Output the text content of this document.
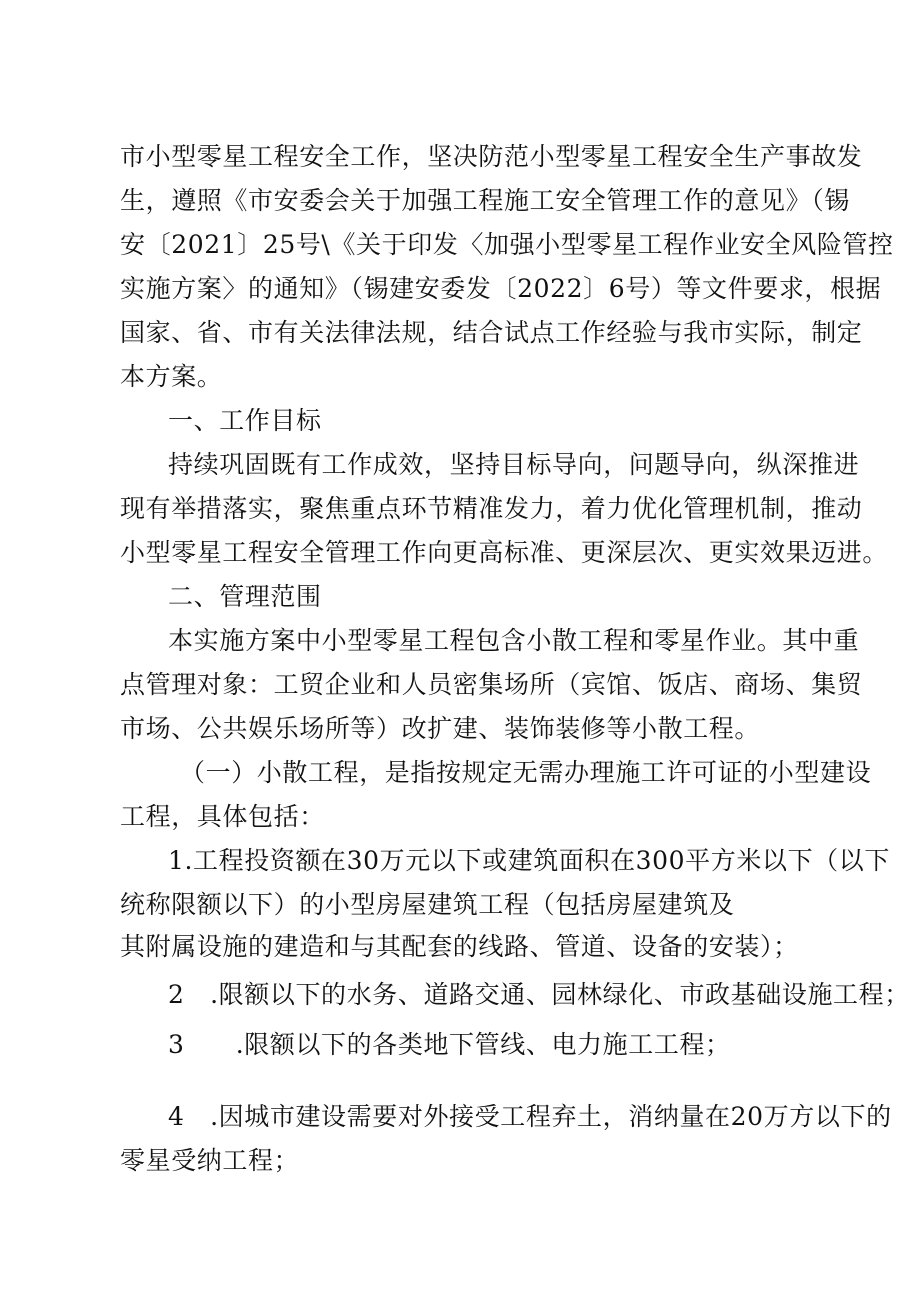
市小型零星工程安全工作，坚决防范小型零星工程安全生产事故发
生，遵照《市安委会关于加强工程施工安全管理工作的意见》（锡
安〔2021〕25号\《关于印发〈加强小型零星工程作业安全风险管控
实施方案〉的通知》（锡建安委发〔2022〕6号）等文件要求，根据
国家、省、市有关法律法规，结合试点工作经验与我市实际，制定
本方案。
一、工作目标
持续巩固既有工作成效，坚持目标导向，问题导向，纵深推进
现有举措落实，聚焦重点环节精准发力，着力优化管理机制，推动
小型零星工程安全管理工作向更高标准、更深层次、更实效果迈进。
二、管理范围
本实施方案中小型零星工程包含小散工程和零星作业。其中重
点管理对象：工贸企业和人员密集场所（宾馆、饭店、商场、集贸
市场、公共娱乐场所等）改扩建、装饰装修等小散工程。
（一）小散工程，是指按规定无需办理施工许可证的小型建设
工程，具体包括：
1.工程投资额在30万元以下或建筑面积在300平方米以下（以下
统称限额以下）的小型房屋建筑工程（包括房屋建筑及
其附属设施的建造和与其配套的线路、管道、设备的安装）；
2　.限额以下的水务、道路交通、园林绿化、市政基础设施工程；
3　　.限额以下的各类地下管线、电力施工工程；
4　.因城市建设需要对外接受工程弃土，消纳量在20万方以下的
零星受纳工程；
